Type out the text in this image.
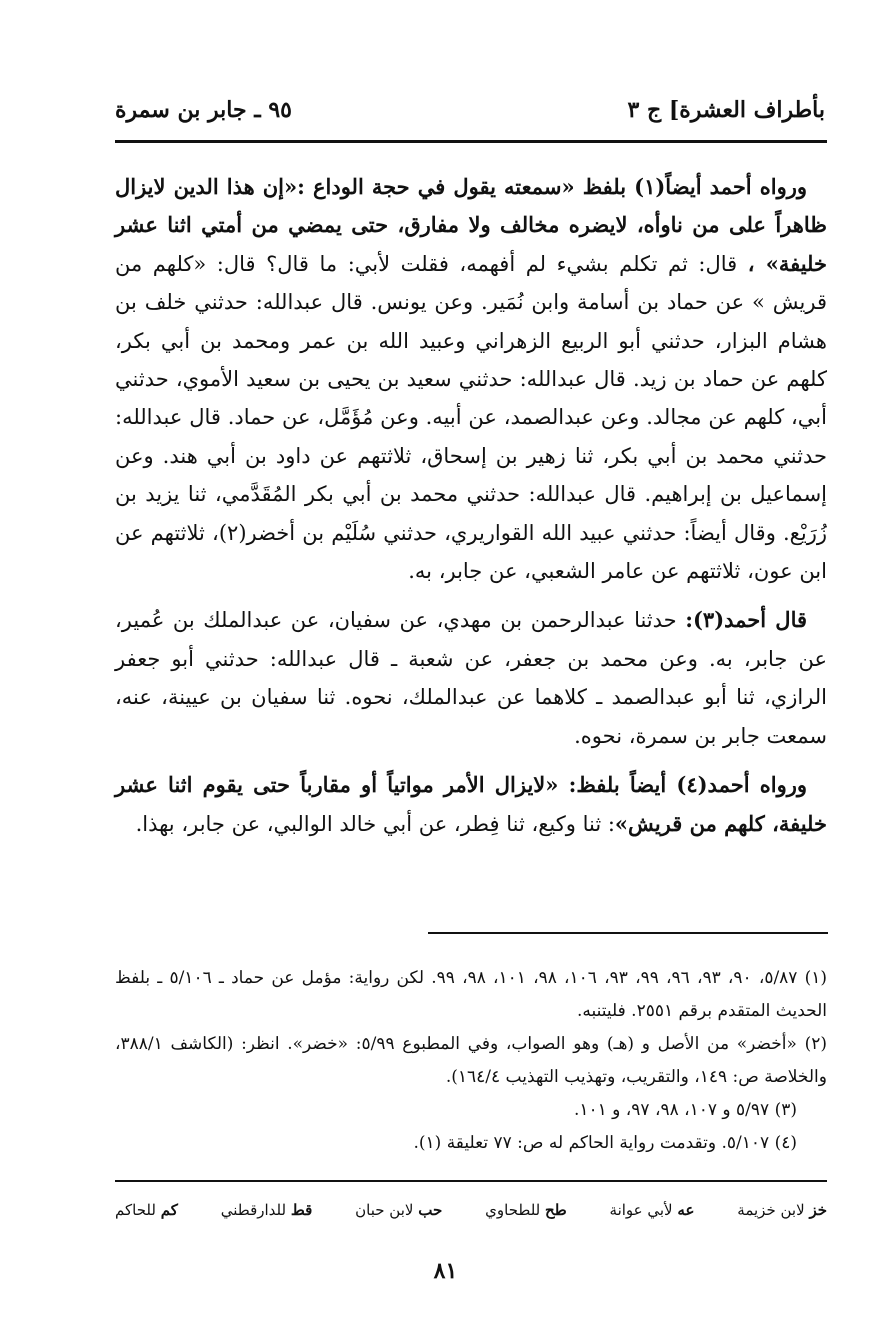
بأطراف العشرة] ج ٣
٩٥ ـ جابر بن سمرة

ورواه أحمد أيضاً(١) بلفظ «سمعته يقول في حجة الوداع :«إن هذا الدين لايزال ظاهراً على من ناوأه، لايضره مخالف ولا مفارق، حتى يمضي من أمتي اثنا عشر خليفة» ، قال: ثم تكلم بشيء لم أفهمه، فقلت لأبي: ما قال؟ قال: «كلهم من قريش » عن حماد بن أسامة وابن نُمَير. وعن يونس. قال عبدالله: حدثني خلف بن هشام البزار، حدثني أبو الربيع الزهراني وعبيد الله بن عمر ومحمد بن أبي بكر، كلهم عن حماد بن زيد. قال عبدالله: حدثني سعيد بن يحيى بن سعيد الأموي، حدثني أبي، كلهم عن مجالد. وعن عبدالصمد، عن أبيه. وعن مُؤَمَّل، عن حماد. قال عبدالله: حدثني محمد بن أبي بكر، ثنا زهير بن إسحاق، ثلاثتهم عن داود بن أبي هند. وعن إسماعيل بن إبراهيم. قال عبدالله: حدثني محمد بن أبي بكر المُقَدَّمي، ثنا يزيد بن زُرَيْع. وقال أيضاً: حدثني عبيد الله القواريري، حدثني سُلَيْم بن أخضر(٢)، ثلاثتهم عن ابن عون، ثلاثتهم عن عامر الشعبي، عن جابر، به.

قال أحمد(٣): حدثنا عبدالرحمن بن مهدي، عن سفيان، عن عبدالملك بن عُمير، عن جابر، به. وعن محمد بن جعفر، عن شعبة ـ قال عبدالله: حدثني أبو جعفر الرازي، ثنا أبو عبدالصمد ـ كلاهما عن عبدالملك، نحوه. ثنا سفيان بن عيينة، عنه، سمعت جابر بن سمرة، نحوه.

ورواه أحمد(٤) أيضاً بلفظ: «لايزال الأمر مواتياً أو مقارباً حتى يقوم اثنا عشر خليفة، كلهم من قريش»: ثنا وكيع، ثنا فِطر، عن أبي خالد الوالبي، عن جابر، بهذا.

(١) ٥/٨٧، ٩٠، ٩٣، ٩٦، ٩٩، ٩٣، ١٠٦، ٩٨، ١٠١، ٩٨، ٩٩. لكن رواية: مؤمل عن حماد ـ ٥/١٠٦ ـ بلفظ الحديث المتقدم برقم ٢٥٥١. فليتنبه.

(٢) «أخضر» من الأصل و (هـ) وهو الصواب، وفي المطبوع ٥/٩٩: «خضر». انظر: (الكاشف ٣٨٨/١، والخلاصة ص: ١٤٩، والتقريب، وتهذيب التهذيب ١٦٤/٤).

(٣) ٥/٩٧ و ١٠٧، ٩٨، ٩٧، و ١٠١.

(٤) ٥/١٠٧. وتقدمت رواية الحاكم له ص: ٧٧ تعليقة (١).

خز لابن خزيمة
عه لأبي عوانة
طح للطحاوي
حب لابن حبان
قط للدارقطني
كم للحاكم
٨١
